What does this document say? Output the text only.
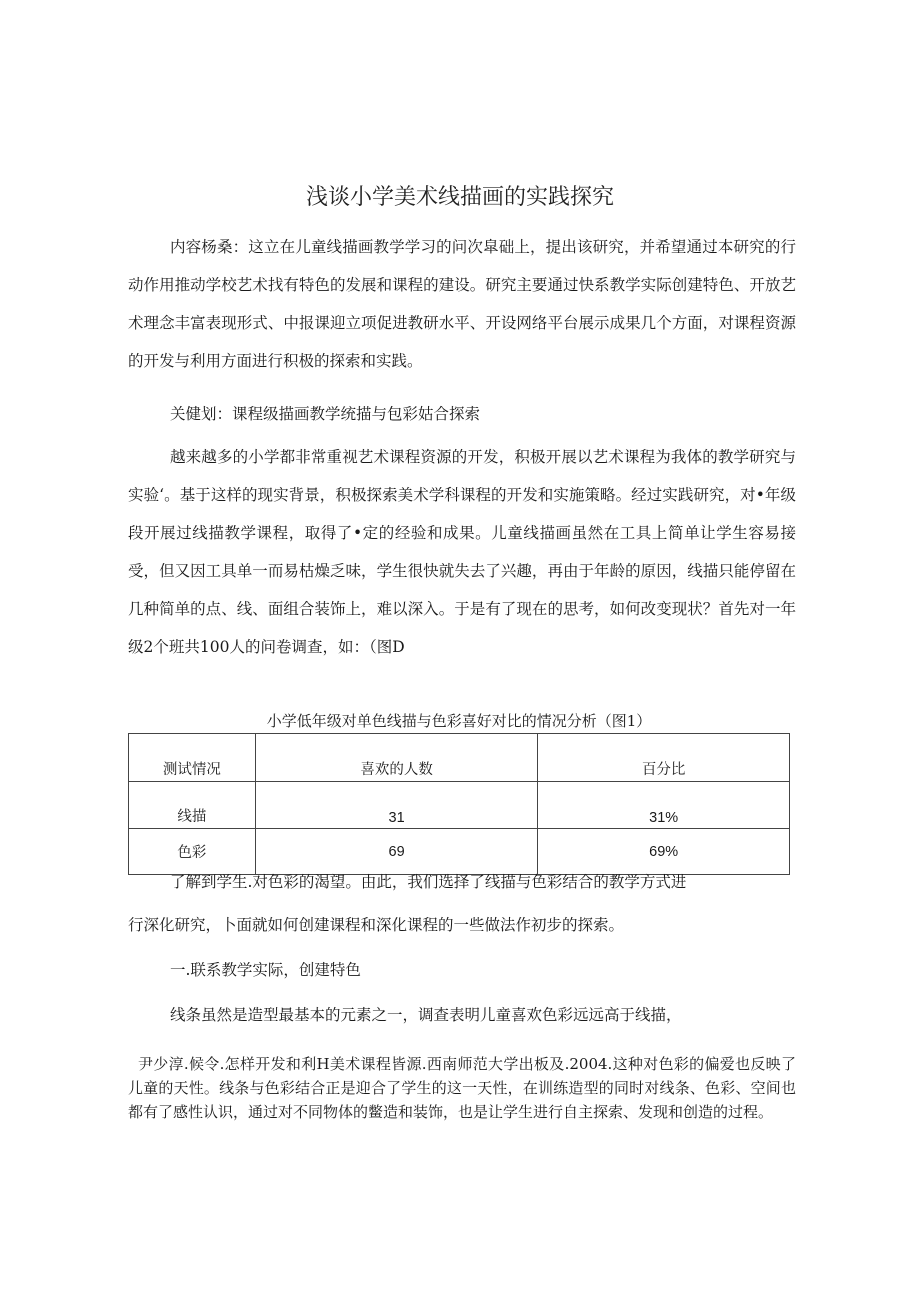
浅谈小学美术线描画的实践探究

内容杨桑：这立在儿童线描画教学学习的问次皐础上，提出该研究，并希望通过本研究的行动作用推动学校艺术找有特色的发展和课程的建设。研究主要通过快系教学实际创建特色、开放艺术理念丰富表现形式、中报课迎立项促进教研水平、开设网络平台展示成果几个方面，对课程资源的开发与利用方面进行积极的探索和实践。

关健划：课程级描画教学统描与包彩姑合探索

越来越多的小学都非常重视艺术课程资源的开发，积极开展以艺术课程为我体的教学研究与实验‘。基于这样的现实背景，积极探索美术学科课程的开发和实施策略。经过实践研究，对•年级段开展过线描教学课程，取得了•定的经验和成果。儿童线描画虽然在工具上简单让学生容易接受，但又因工具单一而易枯燥乏味，学生很快就失去了兴趣，再由于年龄的原因，线描只能停留在几种简单的点、线、面组合装饰上，难以深入。于是有了现在的思考，如何改变现状？首先对一年级2个班共100人的问卷调查，如：（图D

小学低年级对单色线描与色彩喜好对比的情况分析（图1）
测试情况	喜欢的人数	百分比
线描	31	31%
色彩	69	69%

了解到学生.对色彩的渴望。由此，我们选择了线描与色彩结合的教学方式进

行深化研究，卜面就如何创建课程和深化课程的一些做法作初步的探索。

一.联系教学实际，创建特色

线条虽然是造型最基本的元素之一，调查表明儿童喜欢色彩远远高于线描，

尹少淳.候令.怎样开发和利H美术课程皆源.西南师范大学出板及.2004.这种对色彩的偏爱也反映了儿童的天性。线条与色彩结合正是迎合了学生的这一天性，在训练造型的同时对线条、色彩、空间也都有了感性认识，通过对不同物体的鳖造和装饰，也是让学生进行自主探索、发现和创造的过程。
